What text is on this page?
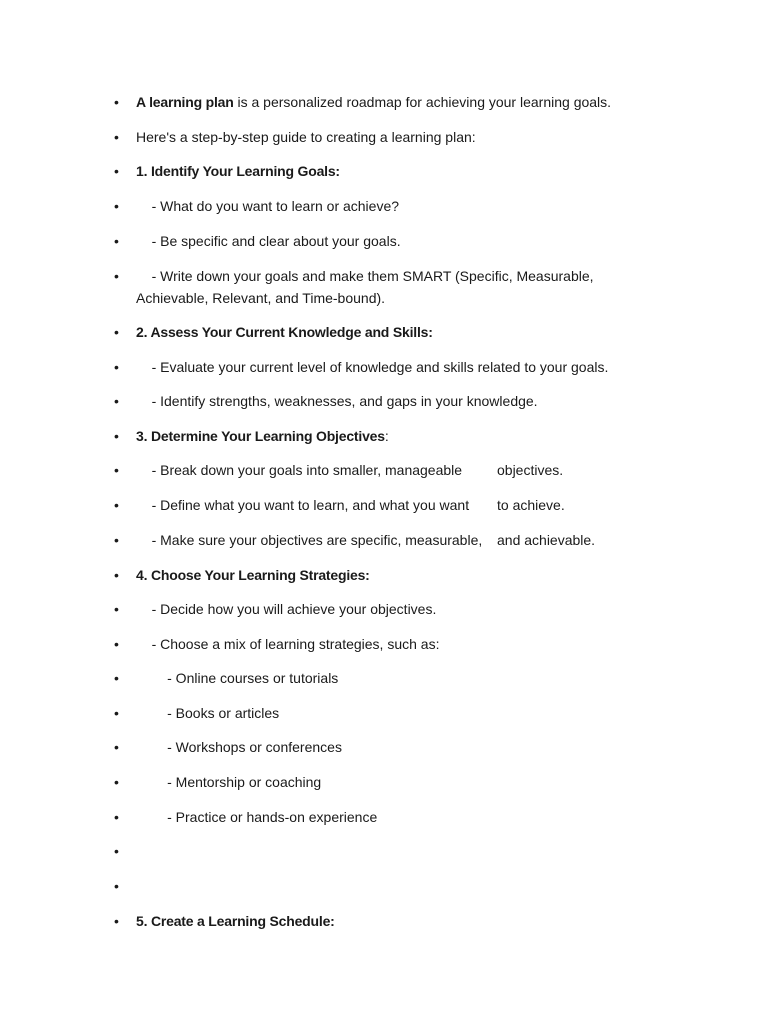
•	A learning plan is a personalized roadmap for achieving your learning goals.
•	Here's a step-by-step guide to creating a learning plan:
•	1. Identify Your Learning Goals:
•	- What do you want to learn or achieve?
•	- Be specific and clear about your goals.
•	- Write down your goals and make them SMART (Specific, Measurable, Achievable, Relevant, and Time-bound).
•	2. Assess Your Current Knowledge and Skills:
•	- Evaluate your current level of knowledge and skills related to your goals.
•	- Identify strengths, weaknesses, and gaps in your knowledge.
•	3. Determine Your Learning Objectives:
•	- Break down your goals into smaller, manageable objectives.
•	- Define what you want to learn, and what you want to achieve.
•	- Make sure your objectives are specific, measurable, and achievable.
•	4. Choose Your Learning Strategies:
•	- Decide how you will achieve your objectives.
•	- Choose a mix of learning strategies, such as:
•	- Online courses or tutorials
•	- Books or articles
•	- Workshops or conferences
•	- Mentorship or coaching
•	- Practice or hands-on experience
•
•
•	5. Create a Learning Schedule:
